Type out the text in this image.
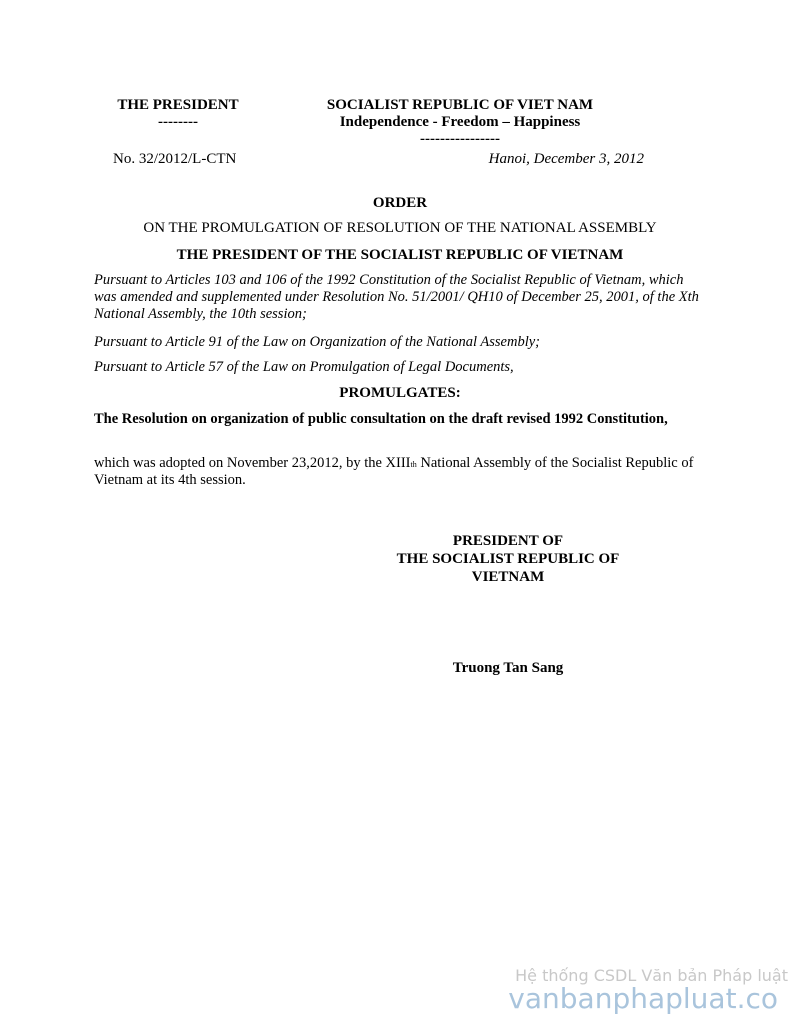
THE PRESIDENT
--------
SOCIALIST REPUBLIC OF VIET NAM
Independence - Freedom – Happiness
----------------
No. 32/2012/L-CTN	Hanoi, December 3, 2012
ORDER
ON THE PROMULGATION OF RESOLUTION OF THE NATIONAL ASSEMBLY
THE PRESIDENT OF THE SOCIALIST REPUBLIC OF VIETNAM

Pursuant to Articles 103 and 106 of the 1992 Constitution of the Socialist Republic of Vietnam, which was amended and supplemented under Resolution No. 51/2001/ QH10 of December 25, 2001, of the Xth National Assembly, the 10th session;

Pursuant to Article 91 of the Law on Organization of the National Assembly;

Pursuant to Article 57 of the Law on Promulgation of Legal Documents,

PROMULGATES:

The Resolution on organization of public consultation on the draft revised 1992 Constitution,

which was adopted on November 23,2012, by the XIIIth National Assembly of the Socialist Republic of Vietnam at its 4th session.

PRESIDENT OF
THE SOCIALIST REPUBLIC OF
VIETNAM
Truong Tan Sang
Hệ thống CSDL Văn bản Pháp luật
vanbanphapluat.co
